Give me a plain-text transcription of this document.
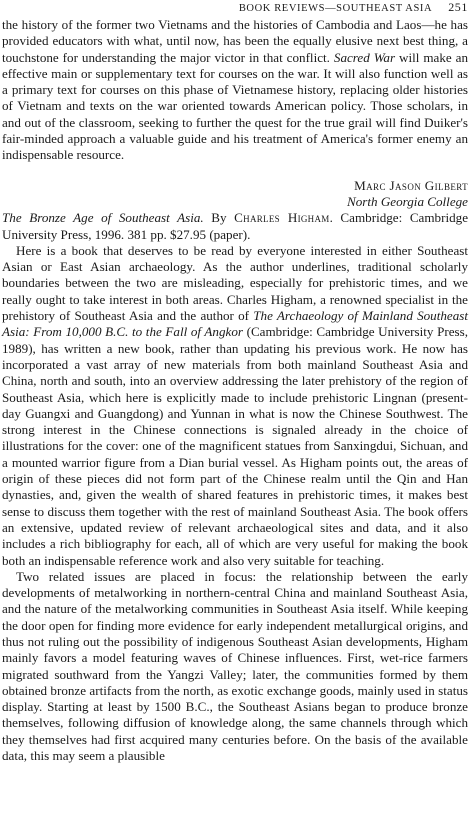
BOOK REVIEWS—SOUTHEAST ASIA 251

the history of the former two Vietnams and the histories of Cambodia and Laos—he has provided educators with what, until now, has been the equally elusive next best thing, a touchstone for understanding the major victor in that conflict. Sacred War will make an effective main or supplementary text for courses on the war. It will also function well as a primary text for courses on this phase of Vietnamese history, replacing older histories of Vietnam and texts on the war oriented towards American policy. Those scholars, in and out of the classroom, seeking to further the quest for the true grail will find Duiker's fair-minded approach a valuable guide and his treatment of America's former enemy an indispensable resource.

Marc Jason Gilbert
North Georgia College

The Bronze Age of Southeast Asia. By Charles Higham. Cambridge: Cambridge University Press, 1996. 381 pp. $27.95 (paper).

Here is a book that deserves to be read by everyone interested in either Southeast Asian or East Asian archaeology. As the author underlines, traditional scholarly boundaries between the two are misleading, especially for prehistoric times, and we really ought to take interest in both areas. Charles Higham, a renowned specialist in the prehistory of Southeast Asia and the author of The Archaeology of Mainland Southeast Asia: From 10,000 B.C. to the Fall of Angkor (Cambridge: Cambridge University Press, 1989), has written a new book, rather than updating his previous work. He now has incorporated a vast array of new materials from both mainland Southeast Asia and China, north and south, into an overview addressing the later prehistory of the region of Southeast Asia, which here is explicitly made to include prehistoric Lingnan (present-day Guangxi and Guangdong) and Yunnan in what is now the Chinese Southwest. The strong interest in the Chinese connections is signaled already in the choice of illustrations for the cover: one of the magnificent statues from Sanxingdui, Sichuan, and a mounted warrior figure from a Dian burial vessel. As Higham points out, the areas of origin of these pieces did not form part of the Chinese realm until the Qin and Han dynasties, and, given the wealth of shared features in prehistoric times, it makes best sense to discuss them together with the rest of mainland Southeast Asia. The book offers an extensive, updated review of relevant archaeological sites and data, and it also includes a rich bibliography for each, all of which are very useful for making the book both an indispensable reference work and also very suitable for teaching.

Two related issues are placed in focus: the relationship between the early developments of metalworking in northern-central China and mainland Southeast Asia, and the nature of the metalworking communities in Southeast Asia itself. While keeping the door open for finding more evidence for early independent metallurgical origins, and thus not ruling out the possibility of indigenous Southeast Asian developments, Higham mainly favors a model featuring waves of Chinese influences. First, wet-rice farmers migrated southward from the Yangzi Valley; later, the communities formed by them obtained bronze artifacts from the north, as exotic exchange goods, mainly used in status display. Starting at least by 1500 B.C., the Southeast Asians began to produce bronze themselves, following diffusion of knowledge along, the same channels through which they themselves had first acquired many centuries before. On the basis of the available data, this may seem a plausible
